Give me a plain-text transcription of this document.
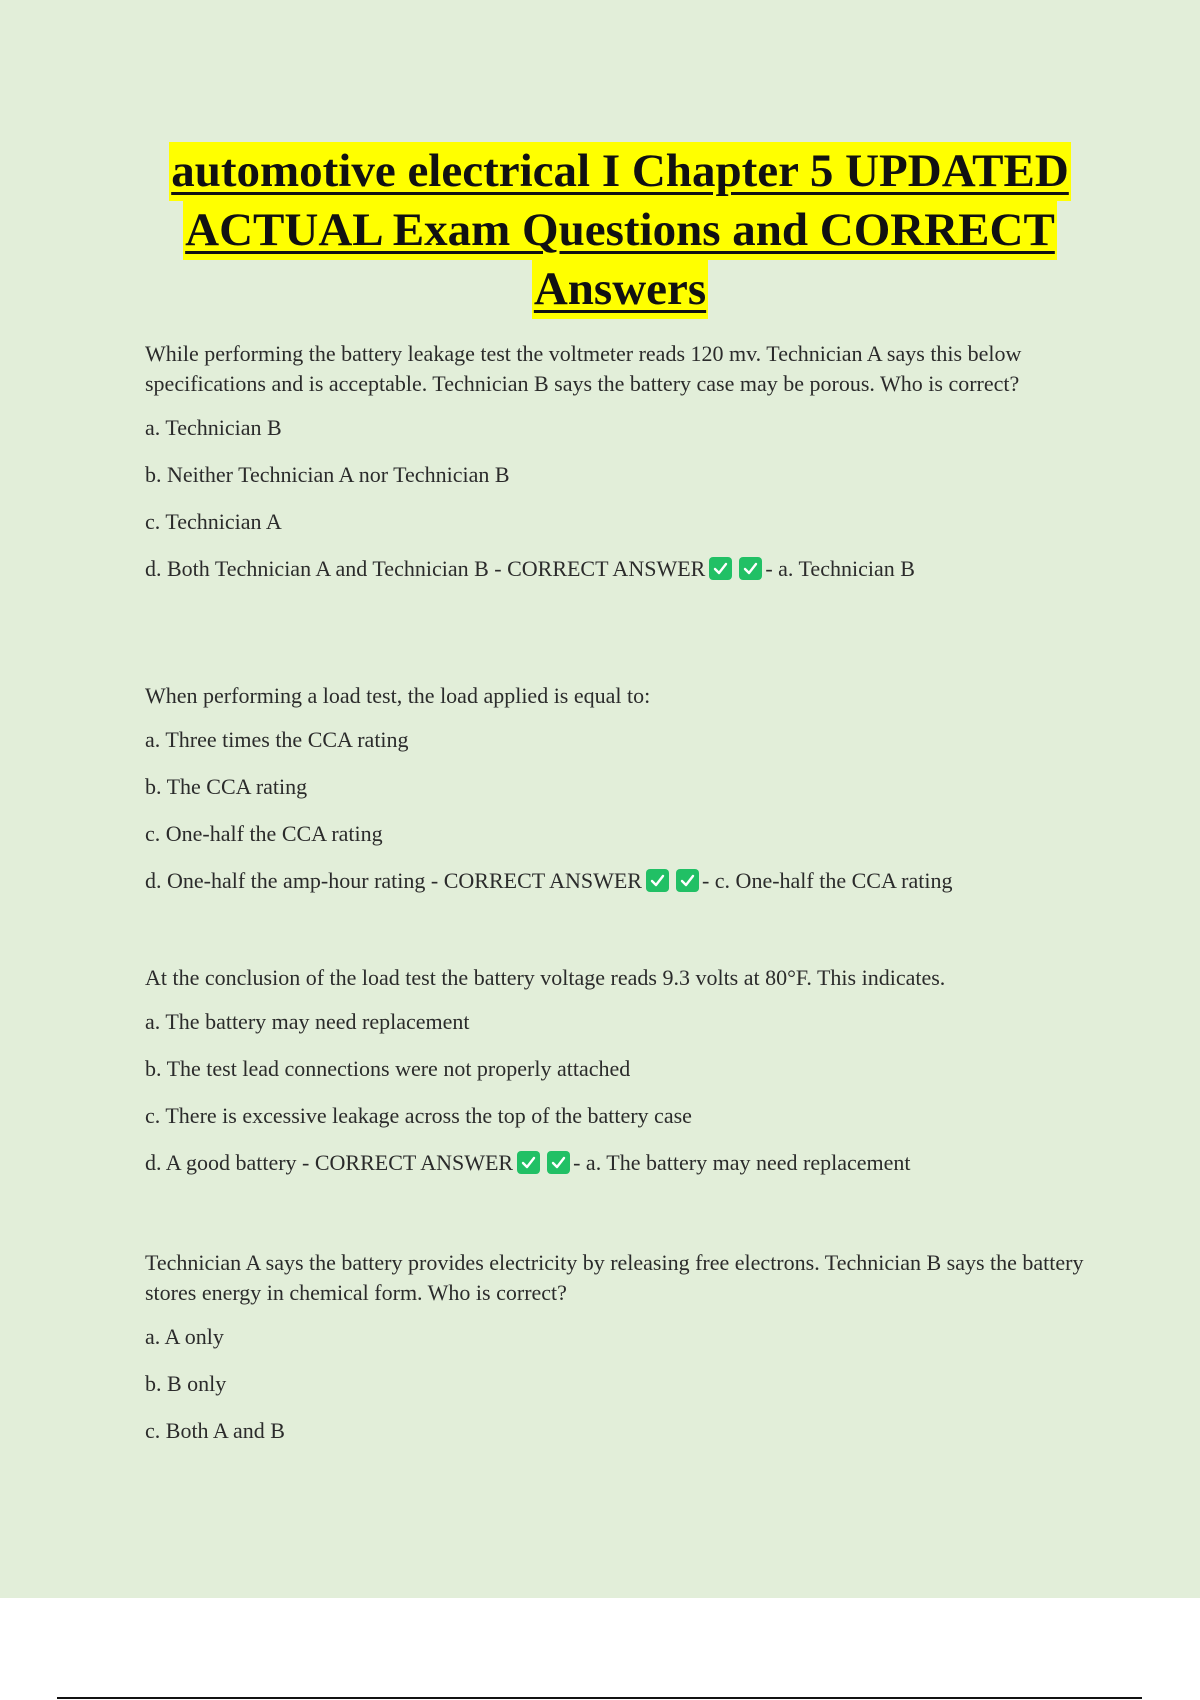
automotive electrical I Chapter 5 UPDATED
ACTUAL Exam Questions and CORRECT
Answers
While performing the battery leakage test the voltmeter reads 120 mv. Technician A says this below specifications and is acceptable. Technician B says the battery case may be porous. Who is correct?
a. Technician B
b. Neither Technician A nor Technician B
c. Technician A
d. Both Technician A and Technician B - CORRECT ANSWER	- a. Technician B
When performing a load test, the load applied is equal to:
a. Three times the CCA rating
b. The CCA rating
c. One-half the CCA rating
d. One-half the amp-hour rating - CORRECT ANSWER	- c. One-half the CCA rating
At the conclusion of the load test the battery voltage reads 9.3 volts at 80°F. This indicates.
a. The battery may need replacement
b. The test lead connections were not properly attached
c. There is excessive leakage across the top of the battery case
d. A good battery - CORRECT ANSWER	- a. The battery may need replacement
Technician A says the battery provides electricity by releasing free electrons. Technician B says the battery stores energy in chemical form. Who is correct?
a. A only
b. B only
c. Both A and B
